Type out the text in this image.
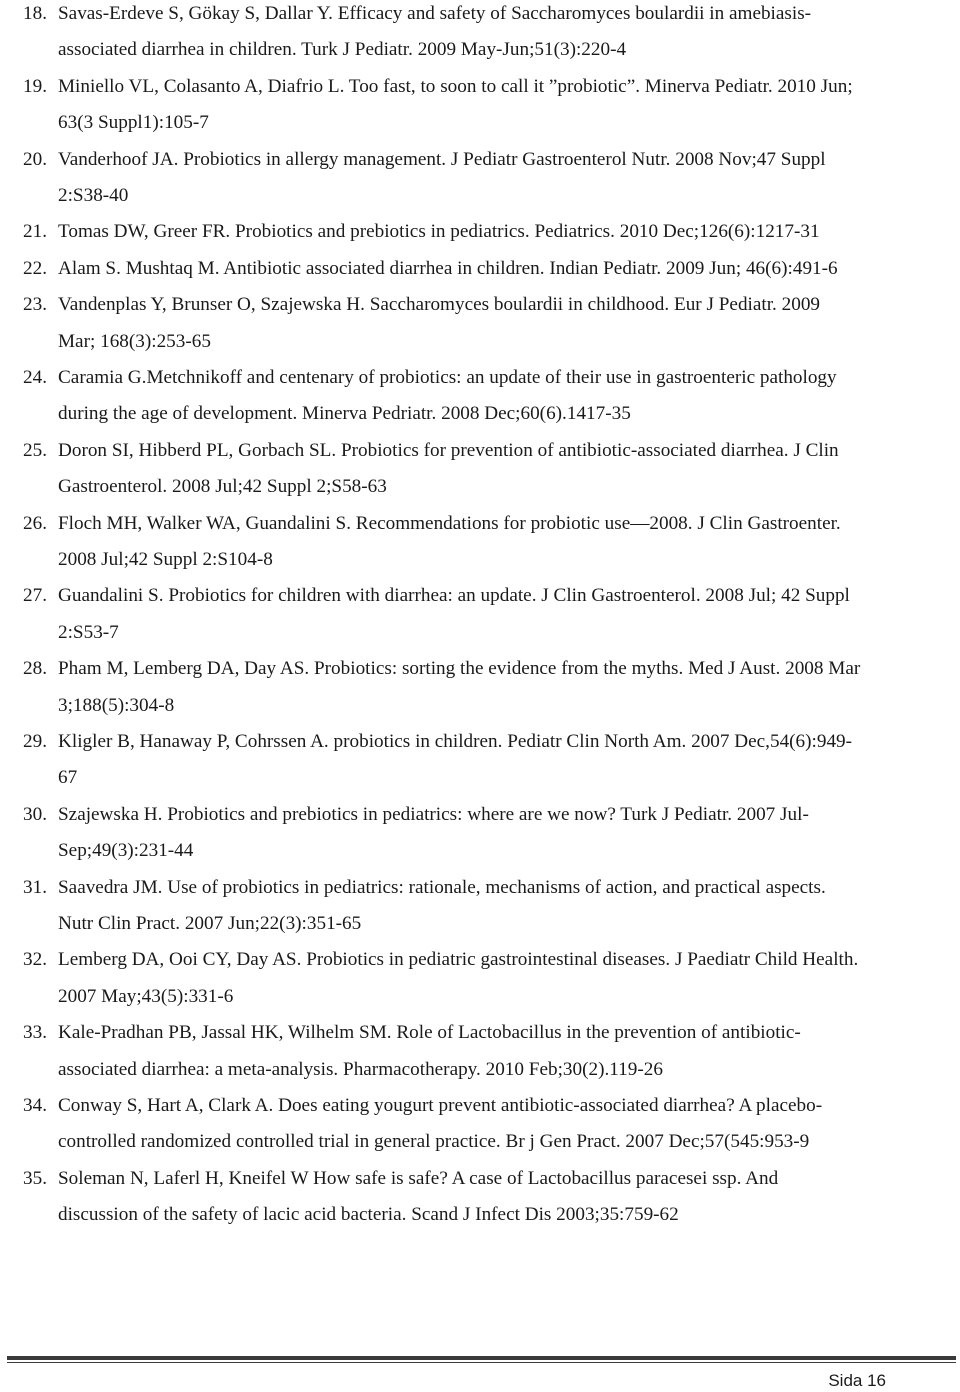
18. Savas-Erdeve S, Gökay S, Dallar Y. Efficacy and safety of Saccharomyces boulardii in amebiasis-
associated diarrhea in children. Turk J Pediatr. 2009 May-Jun;51(3):220-4
19. Miniello VL, Colasanto A, Diafrio L. Too fast, to soon to call it ”probiotic”. Minerva Pediatr. 2010 Jun;
63(3 Suppl1):105-7
20. Vanderhoof JA. Probiotics in allergy management. J Pediatr Gastroenterol Nutr. 2008 Nov;47 Suppl
2:S38-40
21. Tomas DW, Greer FR. Probiotics and prebiotics in pediatrics. Pediatrics. 2010 Dec;126(6):1217-31
22. Alam S. Mushtaq M. Antibiotic associated diarrhea in children. Indian Pediatr. 2009 Jun; 46(6):491-6
23. Vandenplas Y, Brunser O, Szajewska H. Saccharomyces boulardii in childhood. Eur J Pediatr. 2009
Mar; 168(3):253-65
24. Caramia G.Metchnikoff and centenary of probiotics: an update of their use in gastroenteric pathology
during the age of development. Minerva Pedriatr. 2008 Dec;60(6).1417-35
25. Doron SI, Hibberd PL, Gorbach SL. Probiotics for prevention of antibiotic-associated diarrhea. J Clin
Gastroenterol. 2008 Jul;42 Suppl 2;S58-63
26. Floch MH, Walker WA, Guandalini S. Recommendations for probiotic use—2008. J Clin Gastroenter.
2008 Jul;42 Suppl 2:S104-8
27. Guandalini S. Probiotics for children with diarrhea: an update. J Clin Gastroenterol. 2008 Jul; 42 Suppl
2:S53-7
28. Pham M, Lemberg DA, Day AS. Probiotics: sorting the evidence from the myths. Med J Aust. 2008 Mar
3;188(5):304-8
29. Kligler B, Hanaway P, Cohrssen A. probiotics in children. Pediatr Clin North Am. 2007 Dec,54(6):949-
67
30. Szajewska H. Probiotics and prebiotics in pediatrics: where are we now? Turk J Pediatr. 2007 Jul-
Sep;49(3):231-44
31. Saavedra JM. Use of probiotics in pediatrics: rationale, mechanisms of action, and practical aspects.
Nutr Clin Pract. 2007 Jun;22(3):351-65
32. Lemberg DA, Ooi CY, Day AS. Probiotics in pediatric gastrointestinal diseases. J Paediatr Child Health.
2007 May;43(5):331-6
33. Kale-Pradhan PB, Jassal HK, Wilhelm SM. Role of Lactobacillus in the prevention of antibiotic-
associated diarrhea: a meta-analysis. Pharmacotherapy. 2010 Feb;30(2).119-26
34. Conway S, Hart A, Clark A. Does eating yougurt prevent antibiotic-associated diarrhea? A placebo-
controlled randomized controlled trial in general practice. Br j Gen Pract. 2007 Dec;57(545:953-9
35. Soleman N, Laferl H, Kneifel W How safe is safe? A case of Lactobacillus paracesei ssp. And
discussion of the safety of lacic acid bacteria. Scand J Infect Dis 2003;35:759-62
Sida 16
